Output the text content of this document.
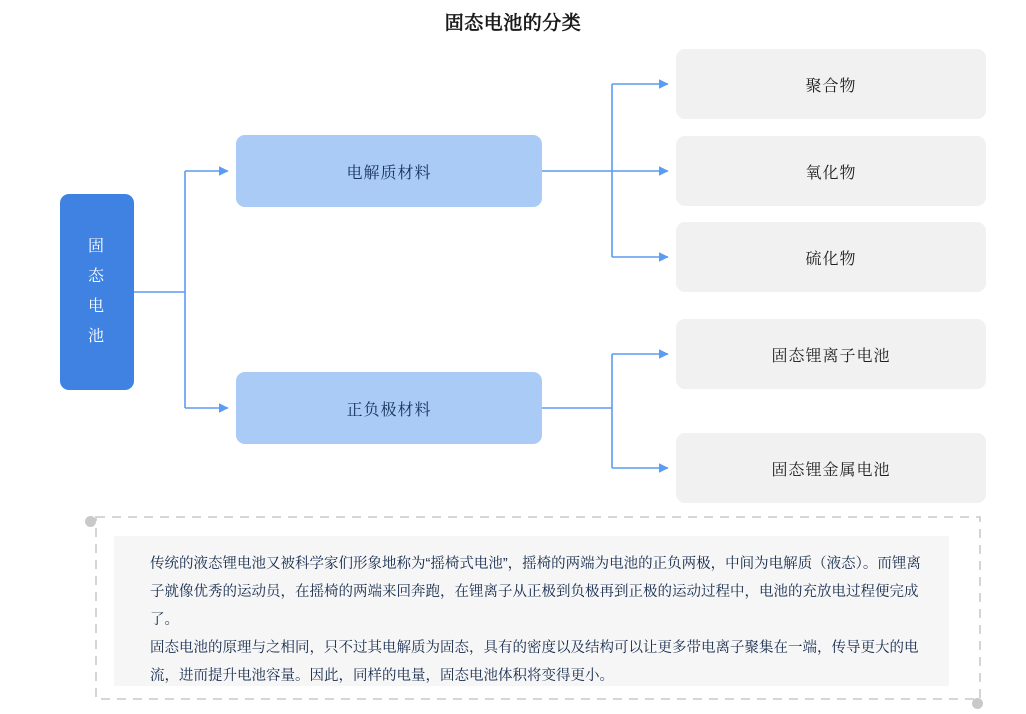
固态电池的分类
固态电池
电解质材料
正负极材料
聚合物
氧化物
硫化物
固态锂离子电池
固态锂金属电池

传统的液态锂电池又被科学家们形象地称为“摇椅式电池”，摇椅的两端为电池的正负两极，中间为电解质（液态）。而锂离子就像优秀的运动员，在摇椅的两端来回奔跑，在锂离子从正极到负极再到正极的运动过程中，电池的充放电过程便完成了。

固态电池的原理与之相同，只不过其电解质为固态，具有的密度以及结构可以让更多带电离子聚集在一端，传导更大的电流，进而提升电池容量。因此，同样的电量，固态电池体积将变得更小。
